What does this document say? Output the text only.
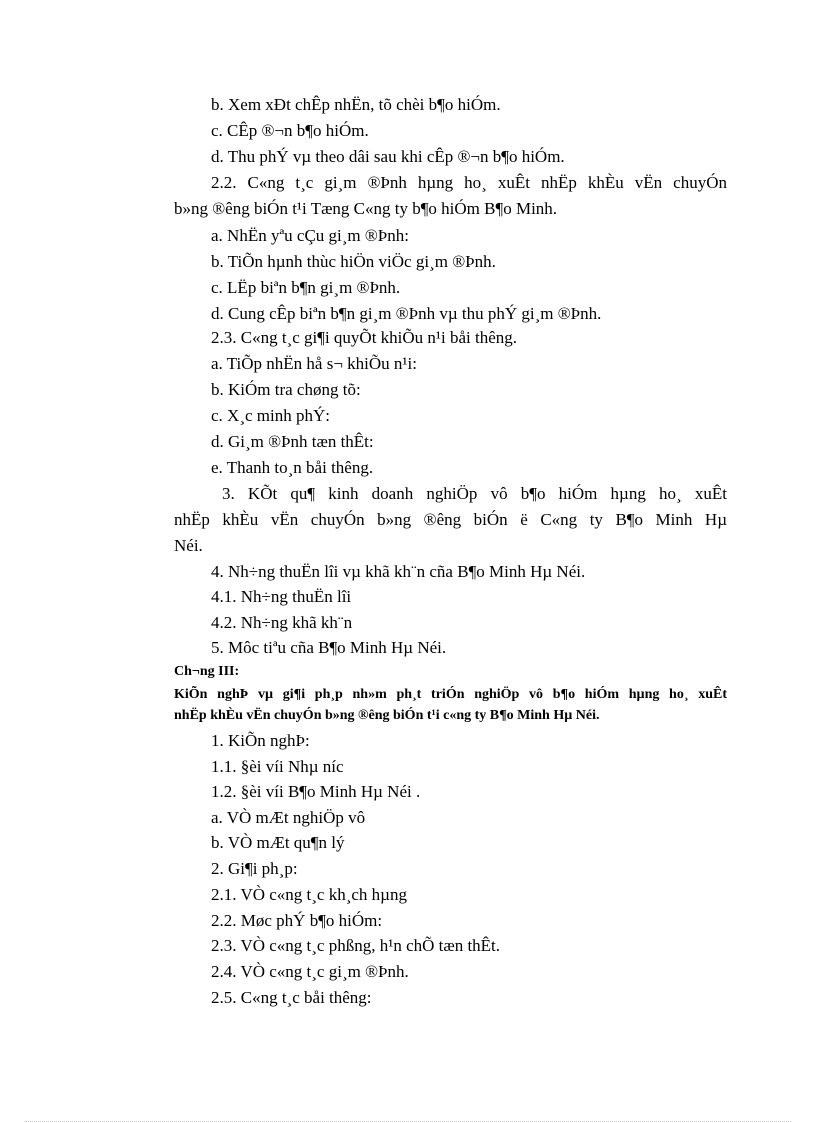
b. Xem xĐt chÊp nhËn, tõ chèi b¶o hiÓm.
c. CÊp ®¬n b¶o hiÓm.
d. Thu phÝ vµ theo dâi sau khi cÊp ®¬n b¶o hiÓm.
2.2. C«ng t¸c gi¸m ®Þnh hµng ho¸ xuÊt nhËp khÈu vËn chuyÓn
b»ng ®êng biÓn t¹i Tæng C«ng ty b¶o hiÓm B¶o Minh.
a. NhËn yªu cÇu gi¸m ®Þnh:
b. TiÕn hµnh thùc hiÖn viÖc gi¸m ®Þnh.
c. LËp biªn b¶n gi¸m ®Þnh.
d. Cung cÊp biªn b¶n gi¸m ®Þnh vµ thu phÝ gi¸m ®Þnh.
2.3. C«ng t¸c gi¶i quyÕt khiÕu n¹i båi thêng.
a. TiÕp nhËn hå s¬ khiÕu n¹i:
b. KiÓm tra chøng tõ:
c. X¸c minh phÝ:
d. Gi¸m ®Þnh tæn thÊt:
e. Thanh to¸n båi thêng.
3. KÕt qu¶ kinh doanh nghiÖp vô b¶o hiÓm hµng ho¸ xuÊt
nhËp khÈu vËn chuyÓn b»ng ®êng biÓn ë C«ng ty B¶o Minh Hµ
Néi.
4. Nh÷ng thuËn lîi vµ khã kh¨n cña B¶o Minh Hµ Néi.
4.1. Nh÷ng thuËn lîi
4.2. Nh÷ng khã kh¨n
5. Môc tiªu cña B¶o Minh Hµ Néi.
Ch¬ng III:
KiÕn nghÞ vµ gi¶i ph¸p nh»m ph¸t triÓn nghiÖp vô b¶o hiÓm hµng ho¸ xuÊt
nhËp khÈu vËn chuyÓn b»ng ®êng biÓn t¹i c«ng ty B¶o Minh Hµ Néi.
1. KiÕn nghÞ:
1.1. §èi víi Nhµ níc
1.2. §èi víi B¶o Minh Hµ Néi .
a. VÒ mÆt nghiÖp vô
b. VÒ mÆt qu¶n lý
2. Gi¶i ph¸p:
2.1. VÒ c«ng t¸c kh¸ch hµng
2.2. Møc phÝ b¶o hiÓm:
2.3. VÒ c«ng t¸c phßng, h¹n chÕ tæn thÊt.
2.4. VÒ c«ng t¸c gi¸m ®Þnh.
2.5. C«ng t¸c båi thêng:
